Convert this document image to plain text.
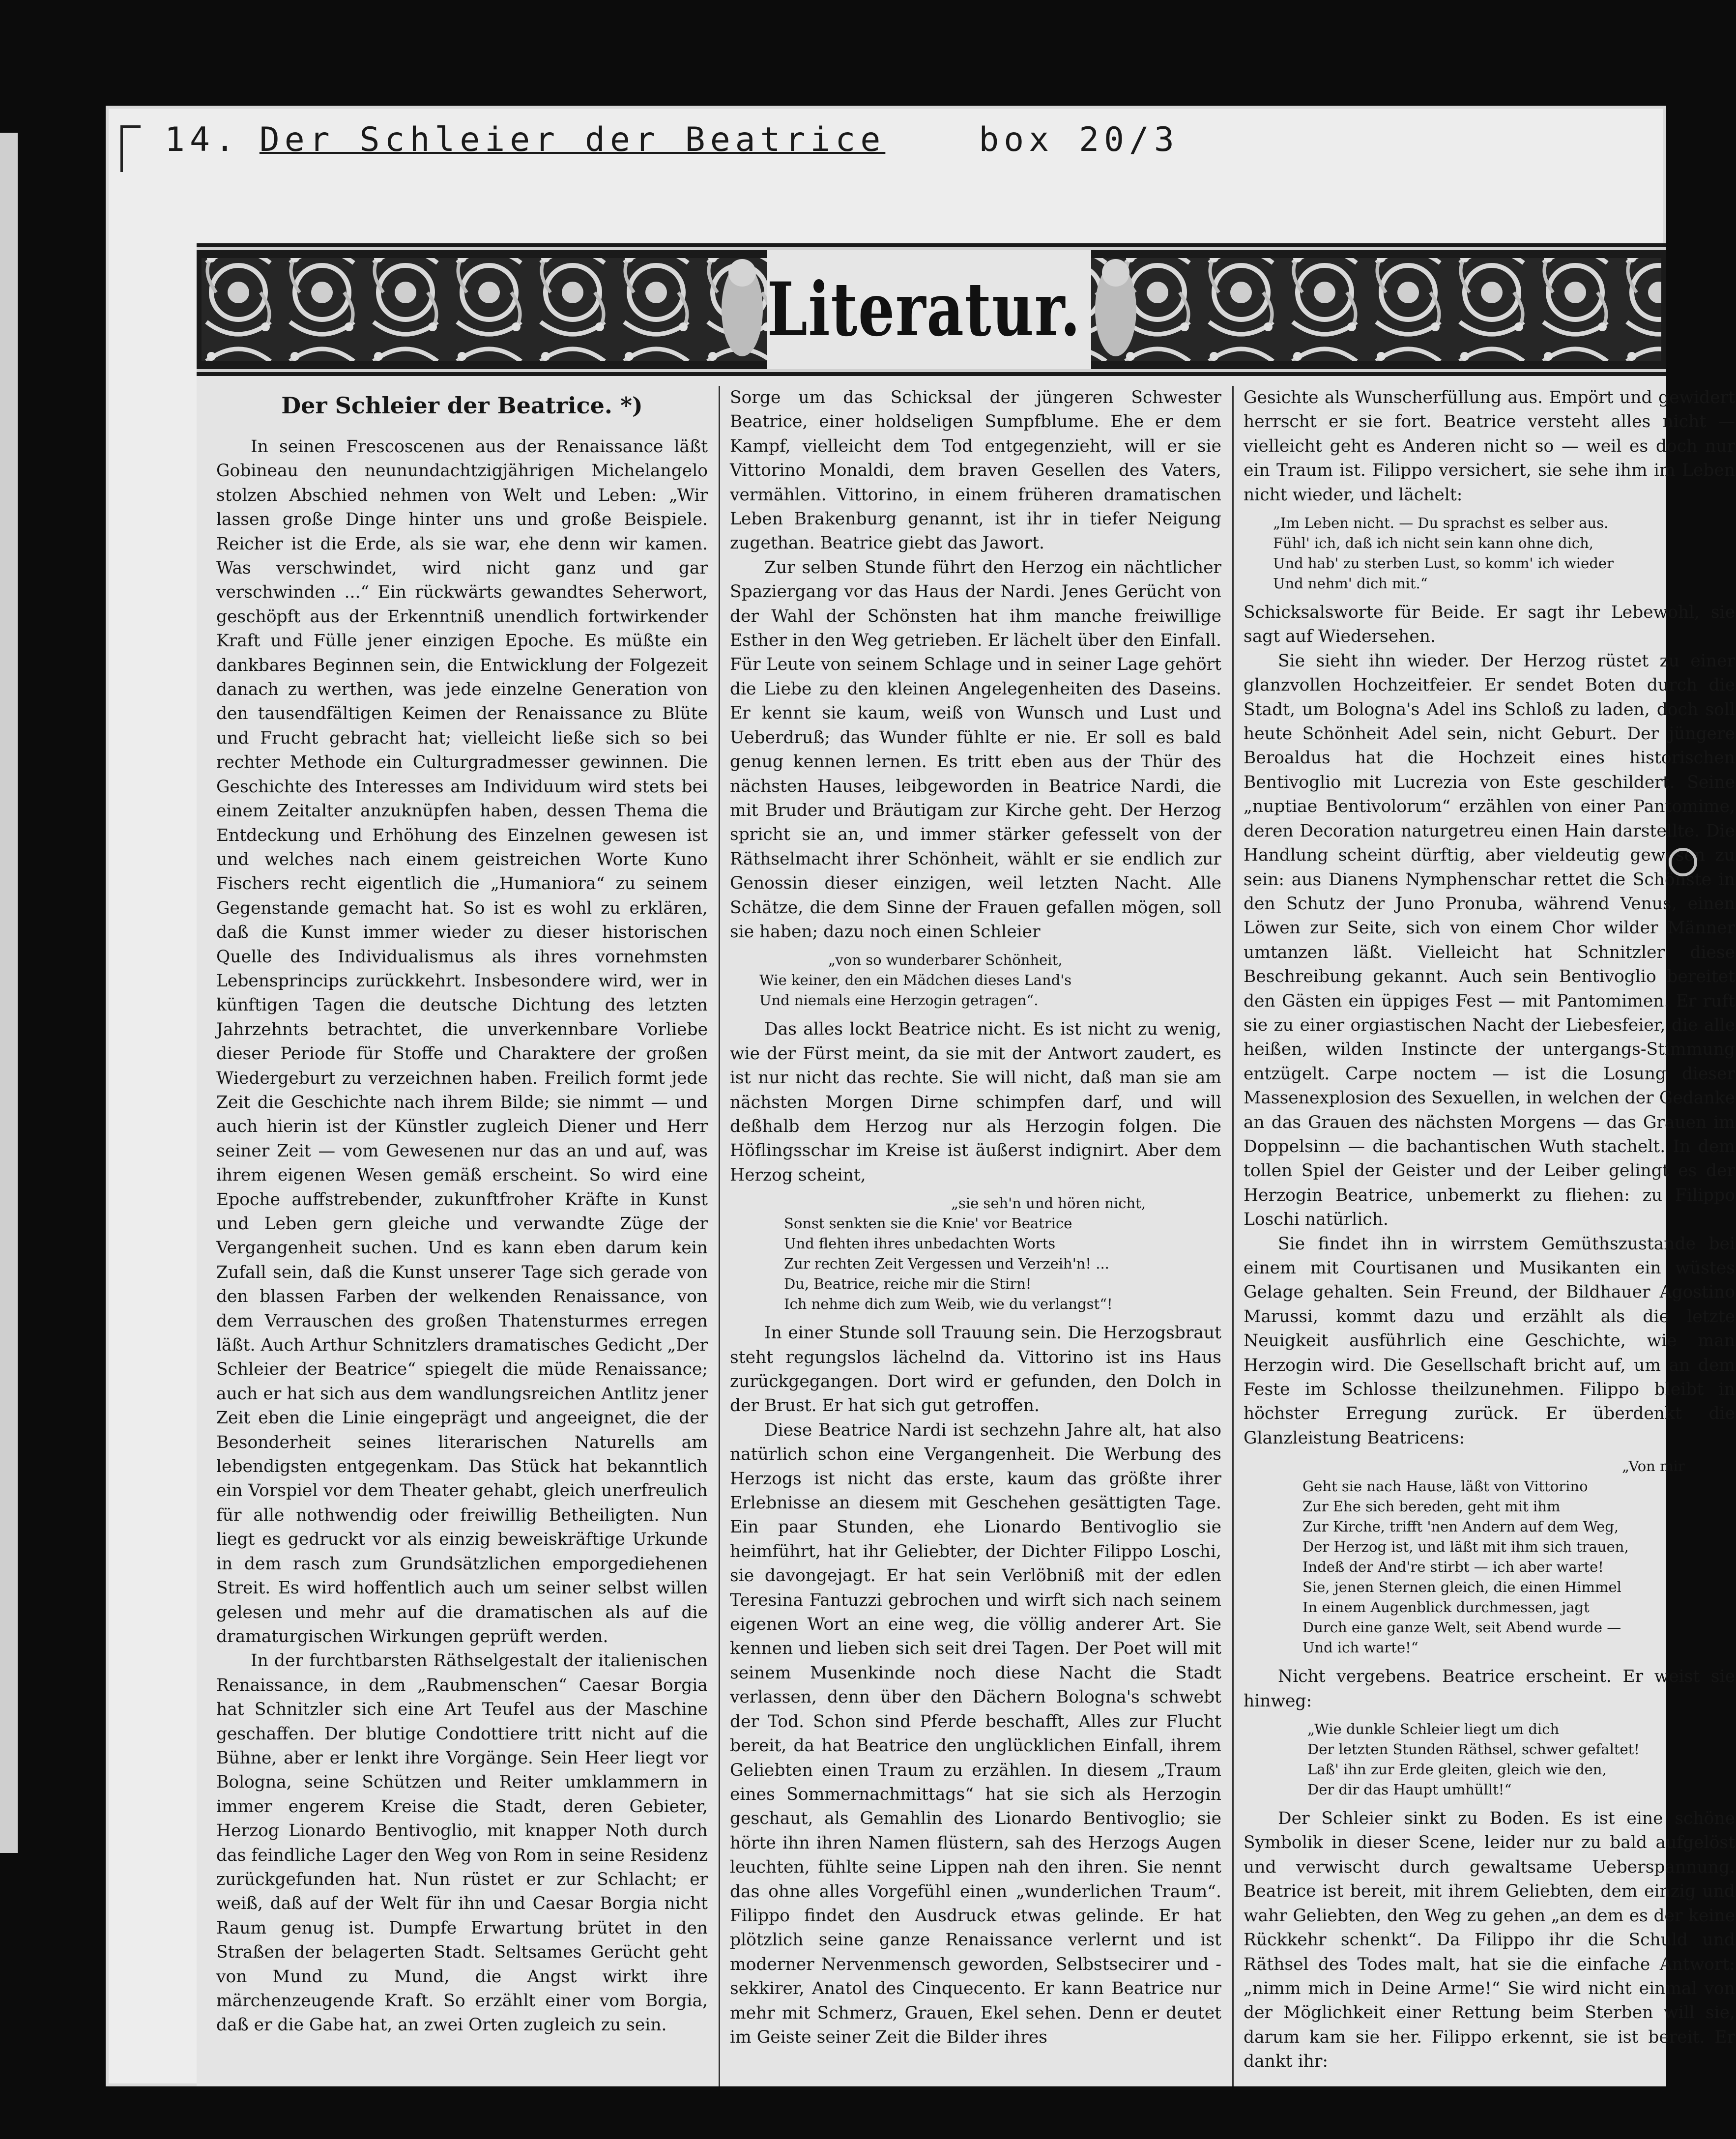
14. Der Schleier der Beatrice	box 20/3
Literatur.
Der Schleier der Beatrice. *)

In seinen Frescoscenen aus der Renaissance läßt Gobineau den neunundachtzigjährigen Michelangelo stolzen Abschied nehmen von Welt und Leben: „Wir lassen große Dinge hinter uns und große Beispiele. Reicher ist die Erde, als sie war, ehe denn wir kamen. Was verschwindet, wird nicht ganz und gar verschwinden ...“ Ein rückwärts gewandtes Seherwort, geschöpft aus der Erkenntniß unendlich fortwirkender Kraft und Fülle jener einzigen Epoche. Es müßte ein dankbares Beginnen sein, die Entwicklung der Folgezeit danach zu werthen, was jede einzelne Generation von den tausendfältigen Keimen der Renaissance zu Blüte und Frucht gebracht hat; vielleicht ließe sich so bei rechter Methode ein Culturgradmesser gewinnen. Die Geschichte des Interesses am Individuum wird stets bei einem Zeitalter anzuknüpfen haben, dessen Thema die Entdeckung und Erhöhung des Einzelnen gewesen ist und welches nach einem geistreichen Worte Kuno Fischers recht eigentlich die „Humaniora“ zu seinem Gegenstande gemacht hat. So ist es wohl zu erklären, daß die Kunst immer wieder zu dieser historischen Quelle des Individualismus als ihres vornehmsten Lebensprincips zurückkehrt. Insbesondere wird, wer in künftigen Tagen die deutsche Dichtung des letzten Jahrzehnts betrachtet, die unverkennbare Vorliebe dieser Periode für Stoffe und Charaktere der großen Wiedergeburt zu verzeichnen haben. Freilich formt jede Zeit die Geschichte nach ihrem Bilde; sie nimmt — und auch hierin ist der Künstler zugleich Diener und Herr seiner Zeit — vom Gewesenen nur das an und auf, was ihrem eigenen Wesen gemäß erscheint. So wird eine Epoche auffstrebender, zukunftfroher Kräfte in Kunst und Leben gern gleiche und verwandte Züge der Vergangenheit suchen. Und es kann eben darum kein Zufall sein, daß die Kunst unserer Tage sich gerade von den blassen Farben der welkenden Renaissance, von dem Verrauschen des großen Thatensturmes erregen läßt. Auch Arthur Schnitzlers dramatisches Gedicht „Der Schleier der Beatrice“ spiegelt die müde Renaissance; auch er hat sich aus dem wandlungsreichen Antlitz jener Zeit eben die Linie eingeprägt und angeeignet, die der Besonderheit seines literarischen Naturells am lebendigsten entgegenkam. Das Stück hat bekanntlich ein Vorspiel vor dem Theater gehabt, gleich unerfreulich für alle nothwendig oder freiwillig Betheiligten. Nun liegt es gedruckt vor als einzig beweiskräftige Urkunde in dem rasch zum Grundsätzlichen emporgediehenen Streit. Es wird hoffentlich auch um seiner selbst willen gelesen und mehr auf die dramatischen als auf die dramaturgischen Wirkungen geprüft werden.

In der furchtbarsten Räthselgestalt der italienischen Renaissance, in dem „Raubmenschen“ Caesar Borgia hat Schnitzler sich eine Art Teufel aus der Maschine geschaffen. Der blutige Condottiere tritt nicht auf die Bühne, aber er lenkt ihre Vorgänge. Sein Heer liegt vor Bologna, seine Schützen und Reiter umklammern in immer engerem Kreise die Stadt, deren Gebieter, Herzog Lionardo Bentivoglio, mit knapper Noth durch das feindliche Lager den Weg von Rom in seine Residenz zurückgefunden hat. Nun rüstet er zur Schlacht; er weiß, daß auf der Welt für ihn und Caesar Borgia nicht Raum genug ist. Dumpfe Erwartung brütet in den Straßen der belagerten Stadt. Seltsames Gerücht geht von Mund zu Mund, die Angst wirkt ihre märchenzeugende Kraft. So erzählt einer vom Borgia, daß er die Gabe hat, an zwei Orten zugleich zu sein.

Sorge um das Schicksal der jüngeren Schwester Beatrice, einer holdseligen Sumpfblume. Ehe er dem Kampf, vielleicht dem Tod entgegenzieht, will er sie Vittorino Monaldi, dem braven Gesellen des Vaters, vermählen. Vittorino, in einem früheren dramatischen Leben Brakenburg genannt, ist ihr in tiefer Neigung zugethan. Beatrice giebt das Jawort.

Zur selben Stunde führt den Herzog ein nächtlicher Spaziergang vor das Haus der Nardi. Jenes Gerücht von der Wahl der Schönsten hat ihm manche freiwillige Esther in den Weg getrieben. Er lächelt über den Einfall. Für Leute von seinem Schlage und in seiner Lage gehört die Liebe zu den kleinen Angelegenheiten des Daseins. Er kennt sie kaum, weiß von Wunsch und Lust und Ueberdruß; das Wunder fühlte er nie. Er soll es bald genug kennen lernen. Es tritt eben aus der Thür des nächsten Hauses, leibgeworden in Beatrice Nardi, die mit Bruder und Bräutigam zur Kirche geht. Der Herzog spricht sie an, und immer stärker gefesselt von der Räthselmacht ihrer Schönheit, wählt er sie endlich zur Genossin dieser einzigen, weil letzten Nacht. Alle Schätze, die dem Sinne der Frauen gefallen mögen, soll sie haben; dazu noch einen Schleier

„von so wunderbarer Schönheit,
Wie keiner, den ein Mädchen dieses Land's
Und niemals eine Herzogin getragen“.

Das alles lockt Beatrice nicht. Es ist nicht zu wenig, wie der Fürst meint, da sie mit der Antwort zaudert, es ist nur nicht das rechte. Sie will nicht, daß man sie am nächsten Morgen Dirne schimpfen darf, und will deßhalb dem Herzog nur als Herzogin folgen. Die Höflingsschar im Kreise ist äußerst indignirt. Aber dem Herzog scheint,

„sie seh'n und hören nicht,
Sonst senkten sie die Knie' vor Beatrice
Und flehten ihres unbedachten Worts
Zur rechten Zeit Vergessen und Verzeih'n! ...
Du, Beatrice, reiche mir die Stirn!
Ich nehme dich zum Weib, wie du verlangst“!

In einer Stunde soll Trauung sein. Die Herzogsbraut steht regungslos lächelnd da. Vittorino ist ins Haus zurückgegangen. Dort wird er gefunden, den Dolch in der Brust. Er hat sich gut getroffen.

Diese Beatrice Nardi ist sechzehn Jahre alt, hat also natürlich schon eine Vergangenheit. Die Werbung des Herzogs ist nicht das erste, kaum das größte ihrer Erlebnisse an diesem mit Geschehen gesättigten Tage. Ein paar Stunden, ehe Lionardo Bentivoglio sie heimführt, hat ihr Geliebter, der Dichter Filippo Loschi, sie davongejagt. Er hat sein Verlöbniß mit der edlen Teresina Fantuzzi gebrochen und wirft sich nach seinem eigenen Wort an eine weg, die völlig anderer Art. Sie kennen und lieben sich seit drei Tagen. Der Poet will mit seinem Musenkinde noch diese Nacht die Stadt verlassen, denn über den Dächern Bologna's schwebt der Tod. Schon sind Pferde beschafft, Alles zur Flucht bereit, da hat Beatrice den unglücklichen Einfall, ihrem Geliebten einen Traum zu erzählen. In diesem „Traum eines Sommernachmittags“ hat sie sich als Herzogin geschaut, als Gemahlin des Lionardo Bentivoglio; sie hörte ihn ihren Namen flüstern, sah des Herzogs Augen leuchten, fühlte seine Lippen nah den ihren. Sie nennt das ohne alles Vorgefühl einen „wunderlichen Traum“. Filippo findet den Ausdruck etwas gelinde. Er hat plötzlich seine ganze Renaissance verlernt und ist moderner Nervenmensch geworden, Selbstsecirer und -sekkirer, Anatol des Cinquecento. Er kann Beatrice nur mehr mit Schmerz, Grauen, Ekel sehen. Denn er deutet im Geiste seiner Zeit die Bilder ihres

Gesichte als Wunscherfüllung aus. Empört und gewidert herrscht er sie fort. Beatrice versteht alles nicht — vielleicht geht es Anderen nicht so — weil es doch nur ein Traum ist. Filippo versichert, sie sehe ihm im Leben nicht wieder, und lächelt:

„Im Leben nicht. — Du sprachst es selber aus.
Fühl' ich, daß ich nicht sein kann ohne dich,
Und hab' zu sterben Lust, so komm' ich wieder
Und nehm' dich mit.“

Schicksalsworte für Beide. Er sagt ihr Lebewohl, sie sagt auf Wiedersehen.

Sie sieht ihn wieder. Der Herzog rüstet zu einer glanzvollen Hochzeitfeier. Er sendet Boten durch die Stadt, um Bologna's Adel ins Schloß zu laden, doch soll heute Schönheit Adel sein, nicht Geburt. Der jüngere Beroaldus hat die Hochzeit eines historischen Bentivoglio mit Lucrezia von Este geschildert. Seine „nuptiae Bentivolorum“ erzählen von einer Pantomime, deren Decoration naturgetreu einen Hain darstellte. Die Handlung scheint dürftig, aber vieldeutig gewesen zu sein: aus Dianens Nymphenschar rettet die Schönste in den Schutz der Juno Pronuba, während Venus, einen Löwen zur Seite, sich von einem Chor wilder Männer umtanzen läßt. Vielleicht hat Schnitzler diese Beschreibung gekannt. Auch sein Bentivoglio bereitet den Gästen ein üppiges Fest — mit Pantomimen. Er ruft sie zu einer orgiastischen Nacht der Liebesfeier, die alle heißen, wilden Instincte der untergangs-Stimmung entzügelt. Carpe noctem — ist die Losung dieser Massenexplosion des Sexuellen, in welchen der Gedanke an das Grauen des nächsten Morgens — das Grauen im Doppelsinn — die bachantischen Wuth stachelt. In dem tollen Spiel der Geister und der Leiber gelingt es der Herzogin Beatrice, unbemerkt zu fliehen: zu Filippo Loschi natürlich.

Sie findet ihn in wirrstem Gemüthszustande bei einem mit Courtisanen und Musikanten ein wüstes Gelage gehalten. Sein Freund, der Bildhauer Agostino Marussi, kommt dazu und erzählt als die letzte Neuigkeit ausführlich eine Geschichte, wie man Herzogin wird. Die Gesellschaft bricht auf, um an dem Feste im Schlosse theilzunehmen. Filippo bleibt in höchster Erregung zurück. Er überdenkt die Glanzleistung Beatricens:

„Von mir
Geht sie nach Hause, läßt von Vittorino
Zur Ehe sich bereden, geht mit ihm
Zur Kirche, trifft 'nen Andern auf dem Weg,
Der Herzog ist, und läßt mit ihm sich trauen,
Indeß der And're stirbt — ich aber warte!
Sie, jenen Sternen gleich, die einen Himmel
In einem Augenblick durchmessen, jagt
Durch eine ganze Welt, seit Abend wurde —
Und ich warte!“

Nicht vergebens. Beatrice erscheint. Er weist sie hinweg:

„Wie dunkle Schleier liegt um dich
Der letzten Stunden Räthsel, schwer gefaltet!
Laß' ihn zur Erde gleiten, gleich wie den,
Der dir das Haupt umhüllt!“

Der Schleier sinkt zu Boden. Es ist eine schöne Symbolik in dieser Scene, leider nur zu bald aufgelöst und verwischt durch gewaltsame Ueberspannung. Beatrice ist bereit, mit ihrem Geliebten, dem einzig und wahr Geliebten, den Weg zu gehen „an dem es der keine Rückkehr schenkt“. Da Filippo ihr die Schuld und Räthsel des Todes malt, hat sie die einfache Antwort: „nimm mich in Deine Arme!“ Sie wird nicht einmal von der Möglichkeit einer Rettung beim Sterben will sie, darum kam sie her. Filippo erkennt, sie ist bereit. Er dankt ihr:
